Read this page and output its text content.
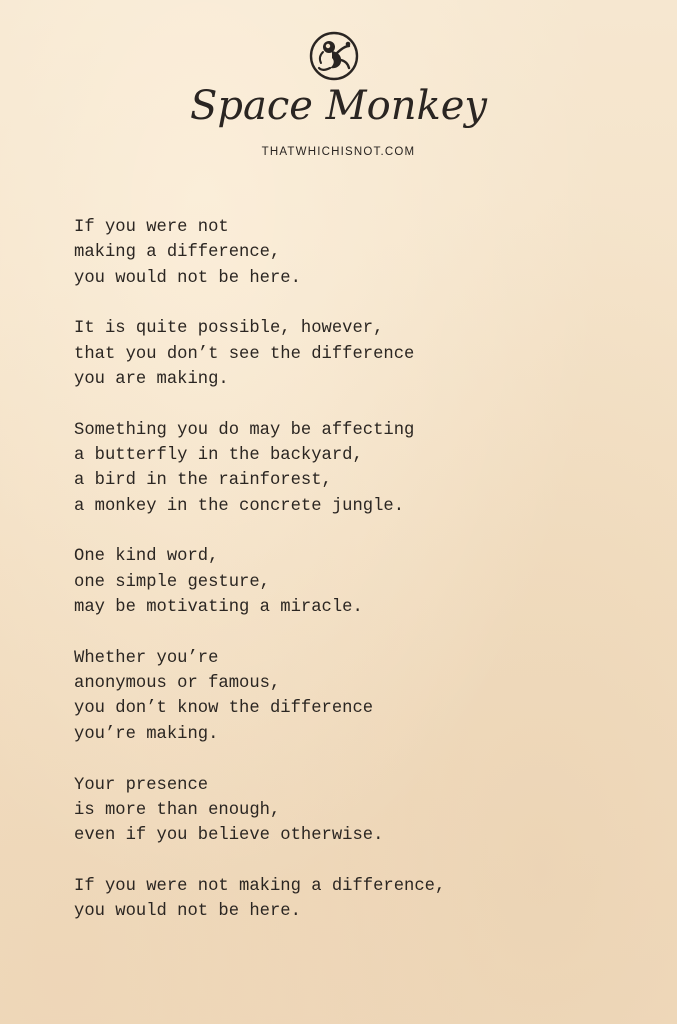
Space Monkey
THATWHICHISNOT.COM
If you were not
making a difference,
you would not be here.
It is quite possible, however,
that you don’t see the difference
you are making.
Something you do may be affecting
a butterfly in the backyard,
a bird in the rainforest,
a monkey in the concrete jungle.
One kind word,
one simple gesture,
may be motivating a miracle.
Whether you’re
anonymous or famous,
you don’t know the difference
you’re making.
Your presence
is more than enough,
even if you believe otherwise.
If you were not making a difference,
you would not be here.
